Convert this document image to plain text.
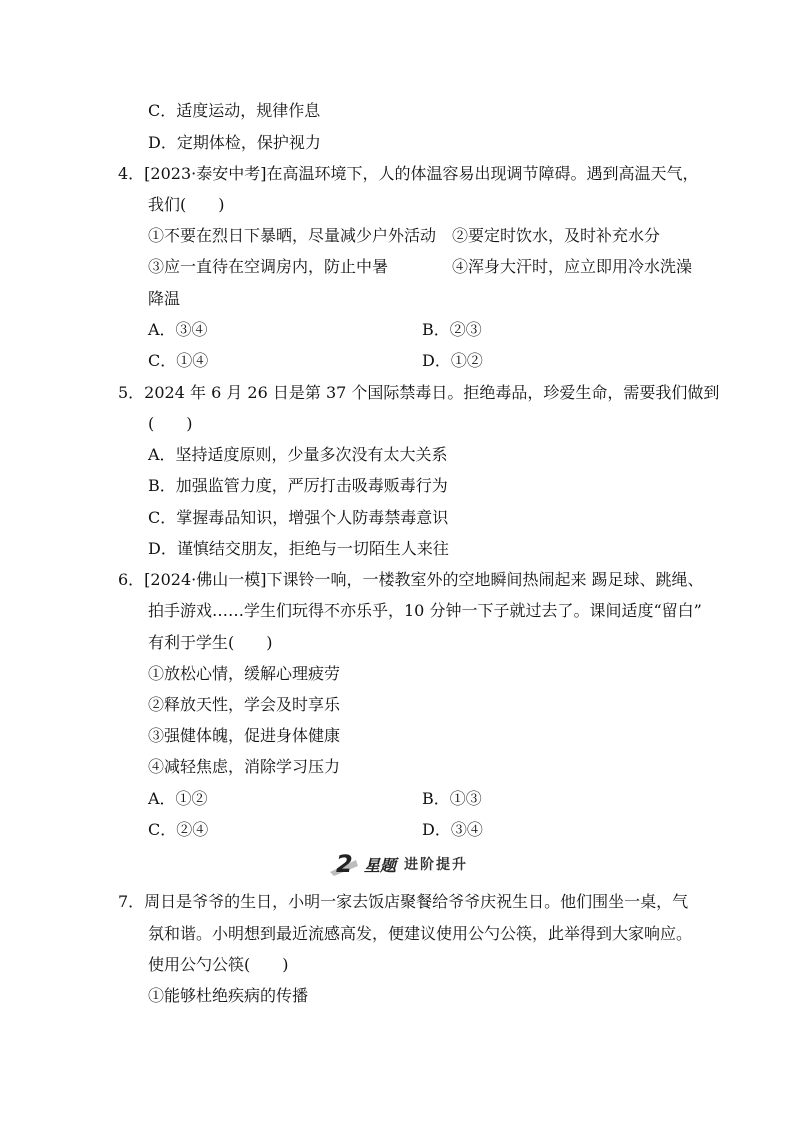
C．适度运动，规律作息
D．定期体检，保护视力
4．[2023·泰安中考]在高温环境下，人的体温容易出现调节障碍。遇到高温天气，
我们(　　)
①不要在烈日下暴晒，尽量减少户外活动 ②要定时饮水，及时补充水分
③应一直待在空调房内，防止中暑	④浑身大汗时，应立即用冷水洗澡
降温
A．③④	B．②③
C．①④	D．①②
5．2024 年 6 月 26 日是第 37 个国际禁毒日。拒绝毒品，珍爱生命，需要我们做到
(　　)
A．坚持适度原则，少量多次没有太大关系
B．加强监管力度，严厉打击吸毒贩毒行为
C．掌握毒品知识，增强个人防毒禁毒意识
D．谨慎结交朋友，拒绝与一切陌生人来往
6．[2024·佛山一模]下课铃一响，一楼教室外的空地瞬间热闹起来 踢足球、跳绳、
拍手游戏……学生们玩得不亦乐乎，10 分钟一下子就过去了。课间适度“留白”
有利于学生(　　)
①放松心情，缓解心理疲劳
②释放天性，学会及时享乐
③强健体魄，促进身体健康
④减轻焦虑，消除学习压力
A．①②	B．①③
C．②④	D．③④
2 星题 进阶提升
7．周日是爷爷的生日，小明一家去饭店聚餐给爷爷庆祝生日。他们围坐一桌，气
氛和谐。小明想到最近流感高发，便建议使用公勺公筷，此举得到大家响应。
使用公勺公筷(　　)
①能够杜绝疾病的传播
